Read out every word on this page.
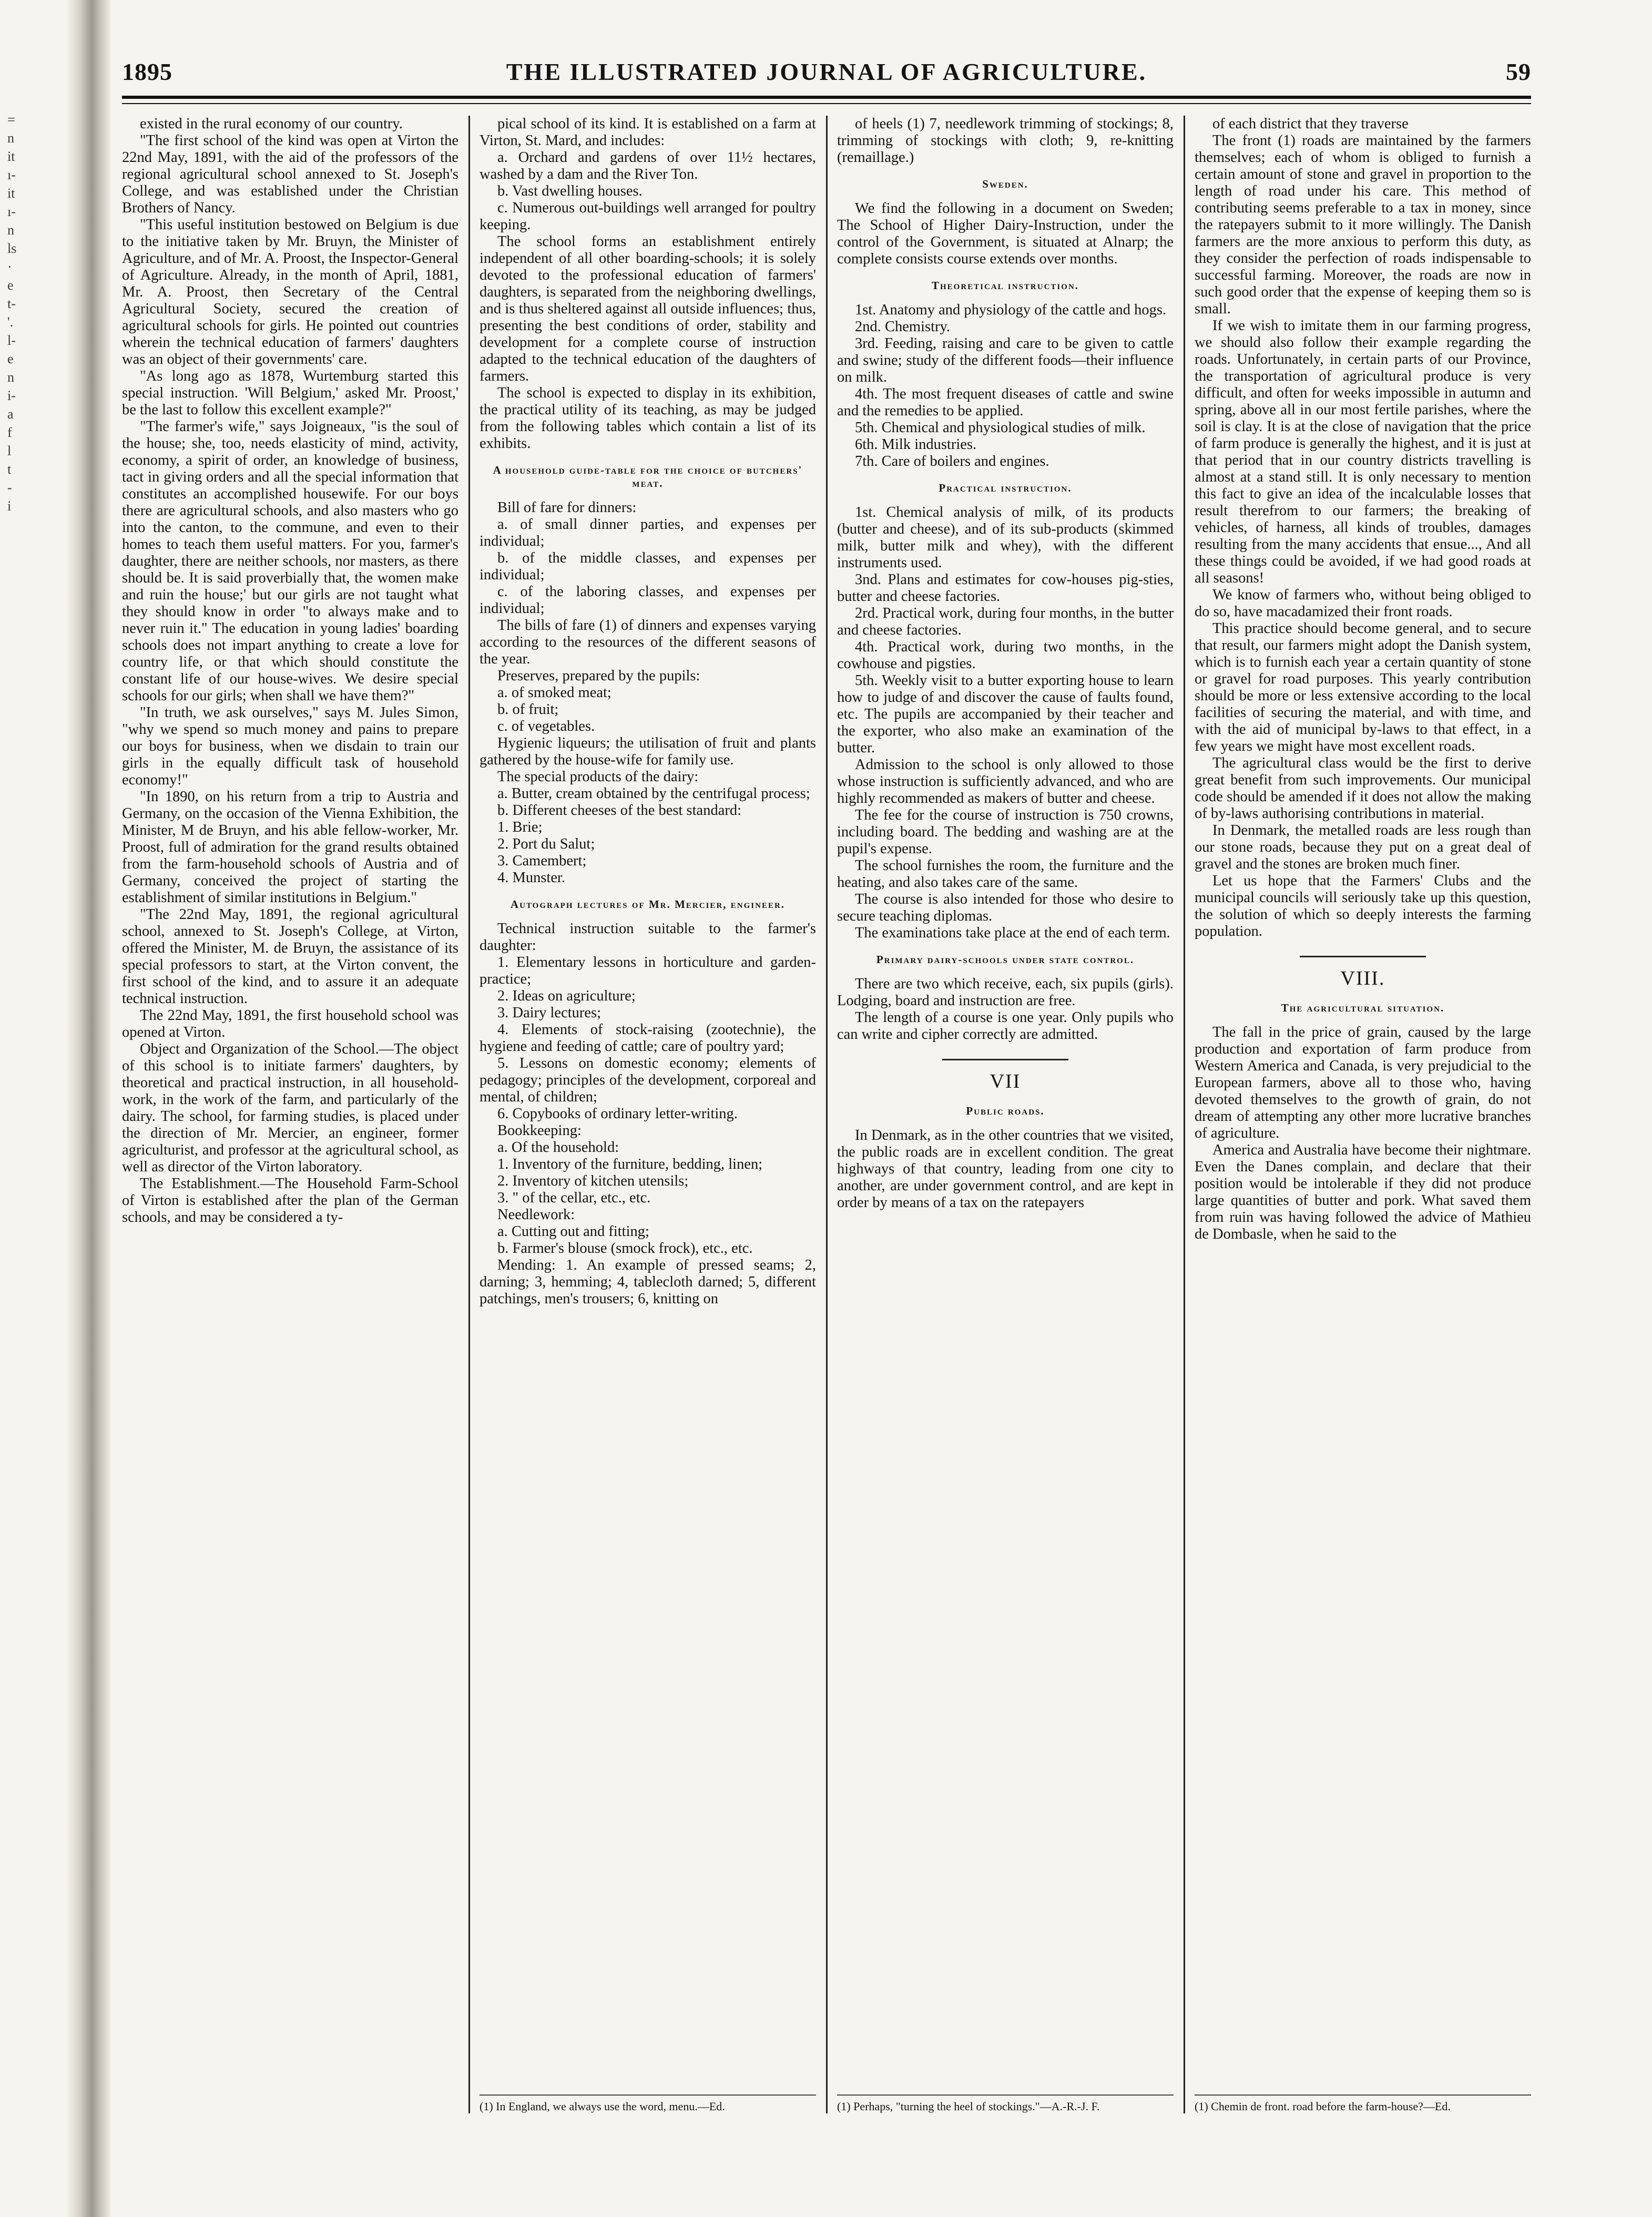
=
n
it
ı-
it
ı-
n
ls
·
e
t-
'.
l-
e
n
i-
a
f
l
t
-
i
1895	THE ILLUSTRATED JOURNAL OF AGRICULTURE.	59

existed in the rural economy of our country.

"The first school of the kind was open at Virton the 22nd May, 1891, with the aid of the professors of the regional agricultural school annexed to St. Joseph's College, and was established under the Christian Brothers of Nancy.

"This useful institution bestowed on Belgium is due to the initiative taken by Mr. Bruyn, the Minister of Agriculture, and of Mr. A. Proost, the Inspector-General of Agriculture. Already, in the month of April, 1881, Mr. A. Proost, then Secretary of the Central Agricultural Society, secured the creation of agricultural schools for girls. He pointed out countries wherein the technical education of farmers' daughters was an object of their governments' care.

"As long ago as 1878, Wurtemburg started this special instruction. 'Will Belgium,' asked Mr. Proost,' be the last to follow this excellent example?"

"The farmer's wife," says Joigneaux, "is the soul of the house; she, too, needs elasticity of mind, activity, economy, a spirit of order, an knowledge of business, tact in giving orders and all the special information that constitutes an accomplished housewife. For our boys there are agricultural schools, and also masters who go into the canton, to the commune, and even to their homes to teach them useful matters. For you, farmer's daughter, there are neither schools, nor masters, as there should be. It is said proverbially that, the women make and ruin the house;' but our girls are not taught what they should know in order "to always make and to never ruin it." The education in young ladies' boarding schools does not impart anything to create a love for country life, or that which should constitute the constant life of our house-wives. We desire special schools for our girls; when shall we have them?"

"In truth, we ask ourselves," says M. Jules Simon, "why we spend so much money and pains to prepare our boys for business, when we disdain to train our girls in the equally difficult task of household economy!"

"In 1890, on his return from a trip to Austria and Germany, on the occasion of the Vienna Exhibition, the Minister, M de Bruyn, and his able fellow-worker, Mr. Proost, full of admiration for the grand results obtained from the farm-household schools of Austria and of Germany, conceived the project of starting the establishment of similar institutions in Belgium."

"The 22nd May, 1891, the regional agricultural school, annexed to St. Joseph's College, at Virton, offered the Minister, M. de Bruyn, the assistance of its special professors to start, at the Virton convent, the first school of the kind, and to assure it an adequate technical instruction.

The 22nd May, 1891, the first household school was opened at Virton.

Object and Organization of the School.—The object of this school is to initiate farmers' daughters, by theoretical and practical instruction, in all household-work, in the work of the farm, and particularly of the dairy. The school, for farming studies, is placed under the direction of Mr. Mercier, an engineer, former agriculturist, and professor at the agricultural school, as well as director of the Virton laboratory.

The Establishment.—The Household Farm-School of Virton is established after the plan of the German schools, and may be considered a ty-

pical school of its kind. It is established on a farm at Virton, St. Mard, and includes:

a. Orchard and gardens of over 11½ hectares, washed by a dam and the River Ton.

b. Vast dwelling houses.

c. Numerous out-buildings well arranged for poultry keeping.

The school forms an establishment entirely independent of all other boarding-schools; it is solely devoted to the professional education of farmers' daughters, is separated from the neighboring dwellings, and is thus sheltered against all outside influences; thus, presenting the best conditions of order, stability and development for a complete course of instruction adapted to the technical education of the daughters of farmers.

The school is expected to display in its exhibition, the practical utility of its teaching, as may be judged from the following tables which contain a list of its exhibits.

A household guide-table for the choice of butchers' meat.

Bill of fare for dinners:

a. of small dinner parties, and expenses per individual;

b. of the middle classes, and expenses per individual;

c. of the laboring classes, and expenses per individual;

The bills of fare (1) of dinners and expenses varying according to the resources of the different seasons of the year.

Preserves, prepared by the pupils:

a. of smoked meat;

b. of fruit;

c. of vegetables.

Hygienic liqueurs; the utilisation of fruit and plants gathered by the house-wife for family use.

The special products of the dairy:

a. Butter, cream obtained by the centrifugal process;

b. Different cheeses of the best standard:

1. Brie;

2. Port du Salut;

3. Camembert;

4. Munster.

Autograph lectures of Mr. Mercier, engineer.

Technical instruction suitable to the farmer's daughter:

1. Elementary lessons in horticulture and garden-practice;

2. Ideas on agriculture;

3. Dairy lectures;

4. Elements of stock-raising (zootechnie), the hygiene and feeding of cattle; care of poultry yard;

5. Lessons on domestic economy; elements of pedagogy; principles of the development, corporeal and mental, of children;

6. Copybooks of ordinary letter-writing.

Bookkeeping:

a. Of the household:

1. Inventory of the furniture, bedding, linen;

2. Inventory of kitchen utensils;

3. " of the cellar, etc., etc.

Needlework:

a. Cutting out and fitting;

b. Farmer's blouse (smock frock), etc., etc.

Mending: 1. An example of pressed seams; 2, darning; 3, hemming; 4, tablecloth darned; 5, different patchings, men's trousers; 6, knitting on

(1) In England, we always use the word, menu.—Ed.

of heels (1) 7, needlework trimming of stockings; 8, trimming of stockings with cloth; 9, re-knitting (remaillage.)

Sweden.

We find the following in a document on Sweden; The School of Higher Dairy-Instruction, under the control of the Government, is situated at Alnarp; the complete consists course extends over months.

Theoretical instruction.

1st. Anatomy and physiology of the cattle and hogs.

2nd. Chemistry.

3rd. Feeding, raising and care to be given to cattle and swine; study of the different foods—their influence on milk.

4th. The most frequent diseases of cattle and swine and the remedies to be applied.

5th. Chemical and physiological studies of milk.

6th. Milk industries.

7th. Care of boilers and engines.

Practical instruction.

1st. Chemical analysis of milk, of its products (butter and cheese), and of its sub-products (skimmed milk, butter milk and whey), with the different instruments used.

3nd. Plans and estimates for cow-houses pig-sties, butter and cheese factories.

2rd. Practical work, during four months, in the butter and cheese factories.

4th. Practical work, during two months, in the cowhouse and pigsties.

5th. Weekly visit to a butter exporting house to learn how to judge of and discover the cause of faults found, etc. The pupils are accompanied by their teacher and the exporter, who also make an examination of the butter.

Admission to the school is only allowed to those whose instruction is sufficiently advanced, and who are highly recommended as makers of butter and cheese.

The fee for the course of instruction is 750 crowns, including board. The bedding and washing are at the pupil's expense.

The school furnishes the room, the furniture and the heating, and also takes care of the same.

The course is also intended for those who desire to secure teaching diplomas.

The examinations take place at the end of each term.

Primary dairy-schools under state control.

There are two which receive, each, six pupils (girls). Lodging, board and instruction are free.

The length of a course is one year. Only pupils who can write and cipher correctly are admitted.

VII
Public roads.

In Denmark, as in the other countries that we visited, the public roads are in excellent condition. The great highways of that country, leading from one city to another, are under government control, and are kept in order by means of a tax on the ratepayers

(1) Perhaps, "turning the heel of stockings."—A.-R.-J. F.

of each district that they traverse

The front (1) roads are maintained by the farmers themselves; each of whom is obliged to furnish a certain amount of stone and gravel in proportion to the length of road under his care. This method of contributing seems preferable to a tax in money, since the ratepayers submit to it more willingly. The Danish farmers are the more anxious to perform this duty, as they consider the perfection of roads indispensable to successful farming. Moreover, the roads are now in such good order that the expense of keeping them so is small.

If we wish to imitate them in our farming progress, we should also follow their example regarding the roads. Unfortunately, in certain parts of our Province, the transportation of agricultural produce is very difficult, and often for weeks impossible in autumn and spring, above all in our most fertile parishes, where the soil is clay. It is at the close of navigation that the price of farm produce is generally the highest, and it is just at that period that in our country districts travelling is almost at a stand still. It is only necessary to mention this fact to give an idea of the incalculable losses that result therefrom to our farmers; the breaking of vehicles, of harness, all kinds of troubles, damages resulting from the many accidents that ensue..., And all these things could be avoided, if we had good roads at all seasons!

We know of farmers who, without being obliged to do so, have macadamized their front roads.

This practice should become general, and to secure that result, our farmers might adopt the Danish system, which is to furnish each year a certain quantity of stone or gravel for road purposes. This yearly contribution should be more or less extensive according to the local facilities of securing the material, and with time, and with the aid of municipal by-laws to that effect, in a few years we might have most excellent roads.

The agricultural class would be the first to derive great benefit from such improvements. Our municipal code should be amended if it does not allow the making of by-laws authorising contributions in material.

In Denmark, the metalled roads are less rough than our stone roads, because they put on a great deal of gravel and the stones are broken much finer.

Let us hope that the Farmers' Clubs and the municipal councils will seriously take up this question, the solution of which so deeply interests the farming population.

VIII.
The agricultural situation.

The fall in the price of grain, caused by the large production and exportation of farm produce from Western America and Canada, is very prejudicial to the European farmers, above all to those who, having devoted themselves to the growth of grain, do not dream of attempting any other more lucrative branches of agriculture.

America and Australia have become their nightmare. Even the Danes complain, and declare that their position would be intolerable if they did not produce large quantities of butter and pork. What saved them from ruin was having followed the advice of Mathieu de Dombasle, when he said to the

(1) Chemin de front. road before the farm-house?—Ed.
